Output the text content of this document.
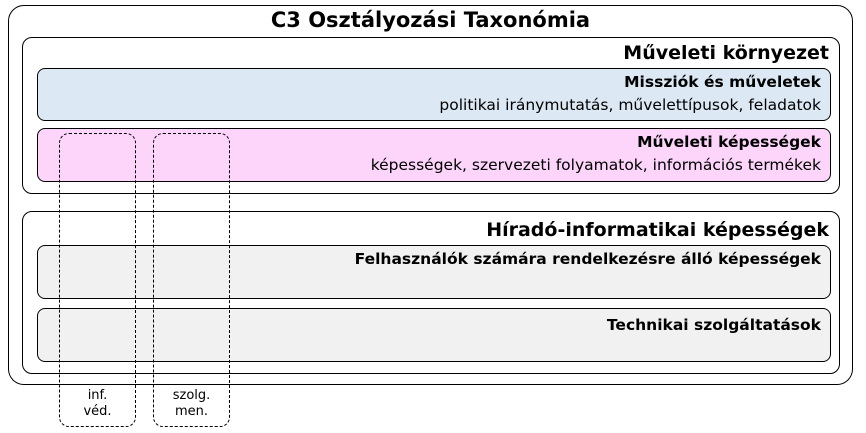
C3 Osztályozási Taxonómia
Műveleti környezet
Missziók és műveletek
politikai iránymutatás, művelettípusok, feladatok
Műveleti képességek
képességek, szervezeti folyamatok, információs termékek
Híradó-informatikai képességek
Felhasználók számára rendelkezésre álló képességek
Technikai szolgáltatások
inf.
véd.
szolg.
men.
